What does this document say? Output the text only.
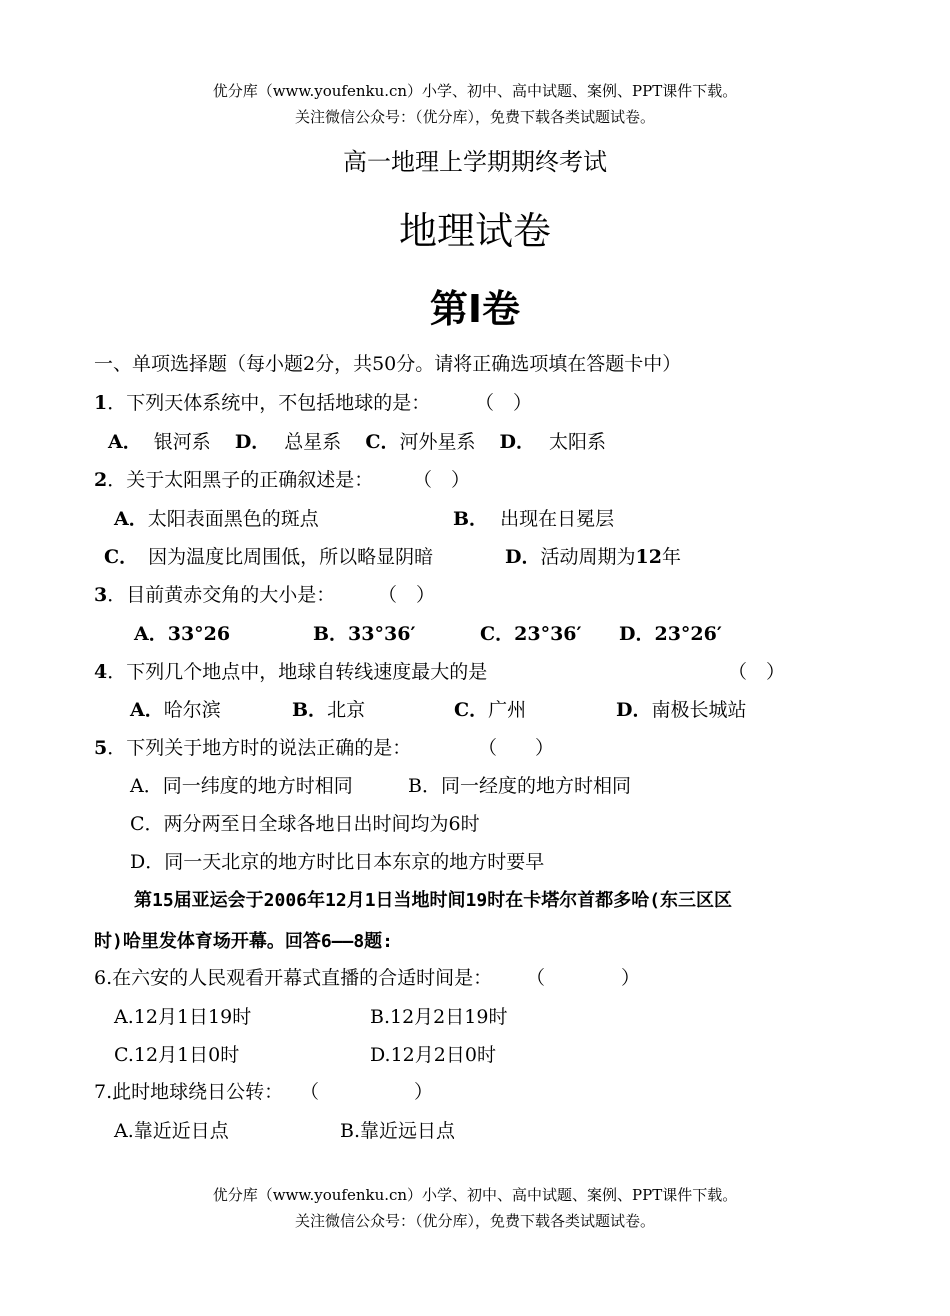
优分库（www.youfenku.cn）小学、初中、高中试题、案例、PPT课件下载。
关注微信公众号：（优分库），免费下载各类试题试卷。
高一地理上学期期终考试
地理试卷
第Ⅰ卷
一、单项选择题（每小题2分，共50分。请将正确选项填在答题卡中）
1．下列天体系统中，不包括地球的是： （　）
A． 银河系 D． 总星系 C．河外星系 D． 太阳系
2．关于太阳黑子的正确叙述是： （　）
A．太阳表面黑色的斑点	B． 出现在日冕层
C． 因为温度比周围低，所以略显阴暗	D．活动周期为12年
3．目前黄赤交角的大小是： （　）
A．33°26	B．33°36′	C．23°36′ D．23°26′
4．下列几个地点中，地球自转线速度最大的是	（　）
A．哈尔滨	B．北京	C．广州	D．南极长城站
5．下列关于地方时的说法正确的是：	（　　）
A．同一纬度的地方时相同	B．同一经度的地方时相同
C．两分两至日全球各地日出时间均为6时
D．同一天北京的地方时比日本东京的地方时要早
第15届亚运会于2006年12月1日当地时间19时在卡塔尔首都多哈(东三区区
时)哈里发体育场开幕。回答6——8题:
6.在六安的人民观看开幕式直播的合适时间是： （　　　　）
A.12月1日19时	B.12月2日19时
C.12月1日0时	D.12月2日0时
7.此时地球绕日公转： （　　　　　）
A.靠近近日点	B.靠近远日点
优分库（www.youfenku.cn）小学、初中、高中试题、案例、PPT课件下载。
关注微信公众号：（优分库），免费下载各类试题试卷。
